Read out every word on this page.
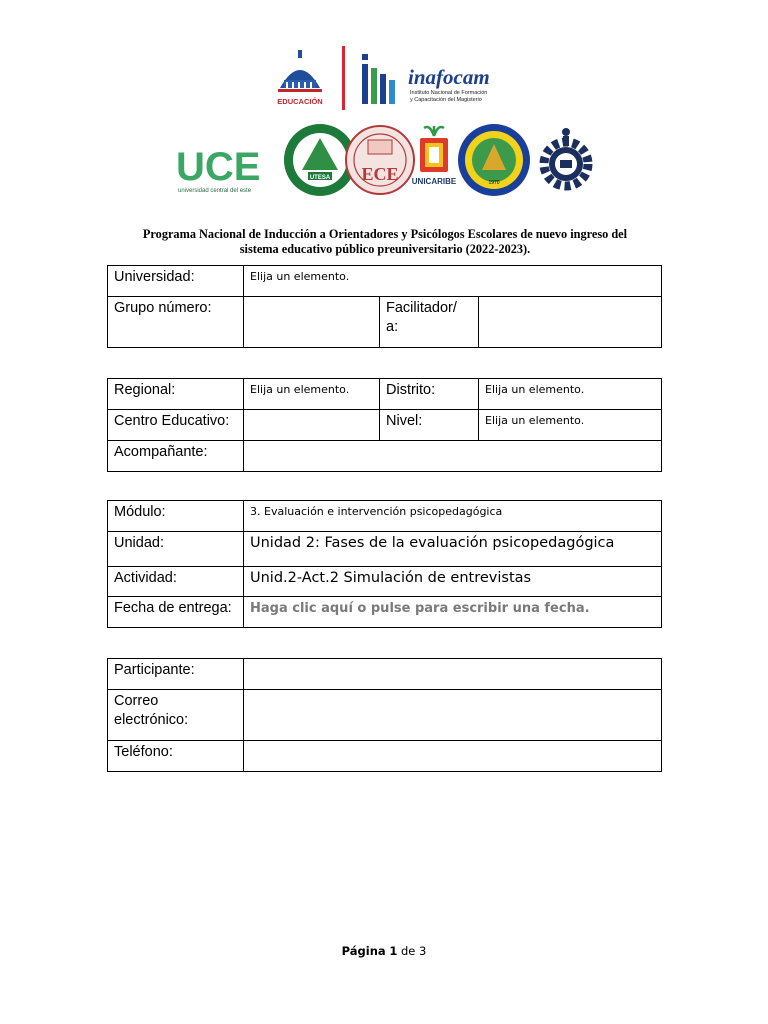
EDUCACIÓN
inafocam
Instituto Nacional de Formación
y Capacitación del Magisterio
UCE
universidad central del este
UTESA ECE UNICARIBE	1970
Programa Nacional de Inducción a Orientadores y Psicólogos Escolares de nuevo ingreso del
sistema educativo público preuniversitario (2022-2023).
Universidad:	Elija un elemento.		
Grupo número:		Facilitador/
a:	
Regional:	Elija un elemento.	Distrito:	Elija un elemento.
Centro Educativo:		Nivel:	Elija un elemento.
Acompañante:			
Módulo:	3. Evaluación e intervención psicopedagógica
Unidad:	Unidad 2: Fases de la evaluación psicopedagógica
Actividad:	Unid.2-Act.2 Simulación de entrevistas
Fecha de entrega:	Haga clic aquí o pulse para escribir una fecha.
Participante:	
Correo
electrónico:	
Teléfono:	
Página 1 de 3
